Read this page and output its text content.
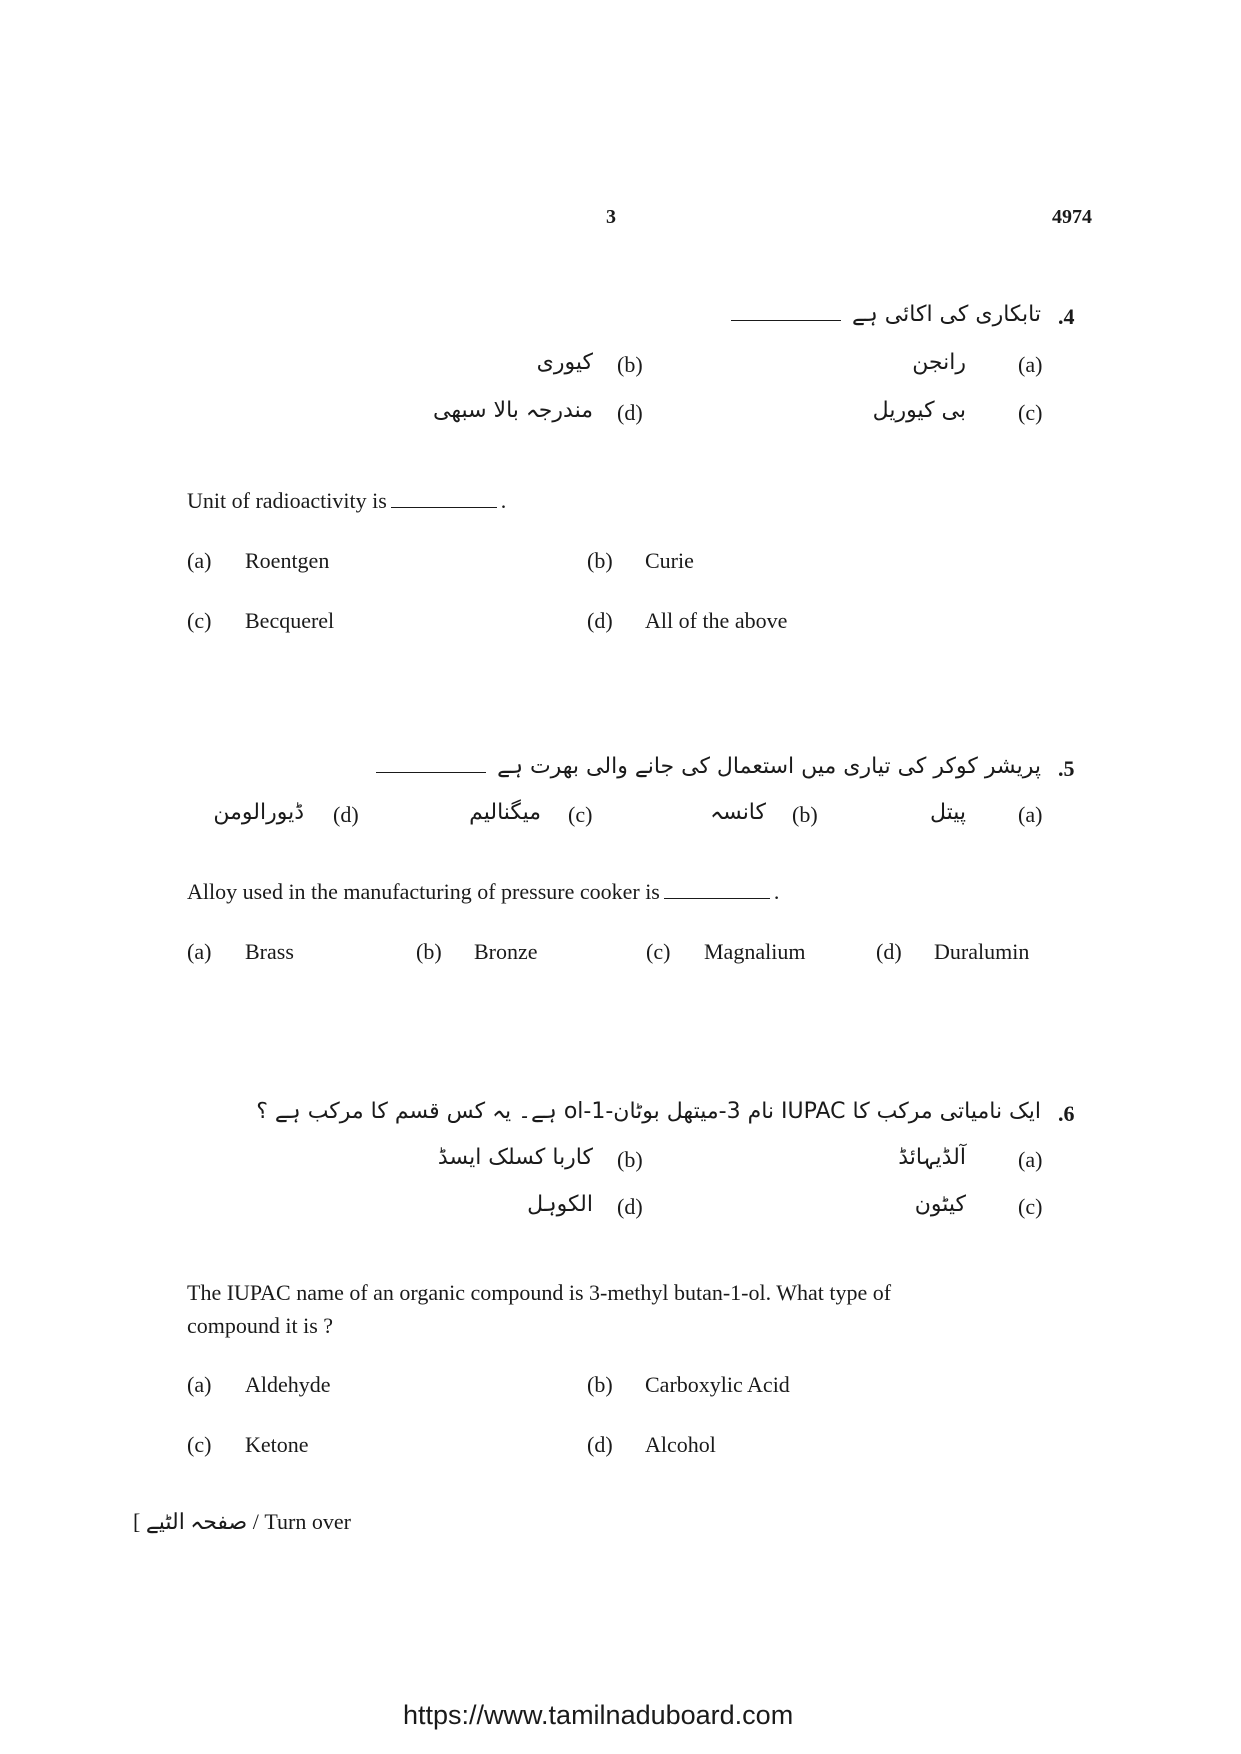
3	4974
.4
تابکاری کی اکائی ہے
(a)
رانجن
(b)
کیوری
(c)
بی کیوریل
(d)
مندرجہ بالا سبھی
Unit of radioactivity is	.
(a) Roentgen	(b) Curie
(c) Becquerel	(d) All of the above
.5
پریشر کوکر کی تیاری میں استعمال کی جانے والی بھرت ہے
(a)
پیتل
(b)
کانسہ
(c)
میگنالیم
(d)
ڈیورالومن
Alloy used in the manufacturing of pressure cooker is	.
(a) Brass	(b) Bronze	(c) Magnalium	(d) Duralumin
.6
ایک نامیاتی مرکب کا IUPAC نام 3-میتھل بوٹان-1-ol ہے۔ یہ کس قسم کا مرکب ہے ؟
(a)
آلڈیہائڈ
(b)
کاربا کسلک ایسڈ
(c)
کیٹون
(d)
الکوہل
The IUPAC name of an organic compound is 3-methyl butan-1-ol. What type of
compound it is ?
(a) Aldehyde	(b) Carboxylic Acid
(c) Ketone	(d) Alcohol
[ صفحہ الٹیے / Turn over
https://www.tamilnaduboard.com
